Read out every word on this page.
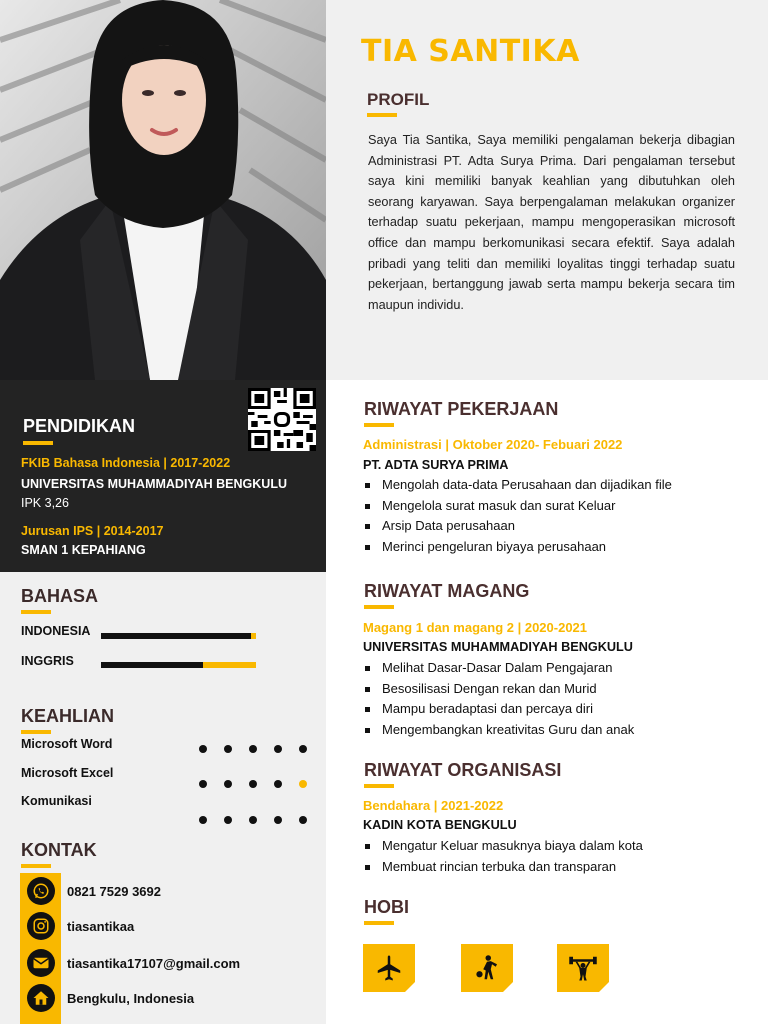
PENDIDIKAN
FKIB Bahasa Indonesia | 2017-2022
UNIVERSITAS MUHAMMADIYAH BENGKULU
IPK 3,26
Jurusan IPS | 2014-2017
SMAN 1 KEPAHIANG
BAHASA
INDONESIA
INGGRIS
KEAHLIAN
Microsoft Word
Microsoft Excel
Komunikasi
KONTAK
0821 7529 3692
tiasantikaa
tiasantika17107@gmail.com
Bengkulu, Indonesia
TIA SANTIKA
PROFIL
Saya Tia Santika, Saya memiliki pengalaman bekerja dibagian Administrasi PT. Adta Surya Prima. Dari pengalaman tersebut saya kini memiliki banyak keahlian yang dibutuhkan oleh seorang karyawan. Saya berpengalaman melakukan organizer terhadap suatu pekerjaan, mampu mengoperasikan microsoft office dan mampu berkomunikasi secara efektif. Saya adalah pribadi yang teliti dan memiliki loyalitas tinggi terhadap suatu pekerjaan, bertanggung jawab serta mampu bekerja secara tim maupun individu.
RIWAYAT PEKERJAAN
Administrasi | Oktober 2020- Febuari 2022
PT. ADTA SURYA PRIMA
Mengolah data-data Perusahaan dan dijadikan file
Mengelola surat masuk dan surat Keluar
Arsip Data perusahaan
Merinci pengeluran biyaya perusahaan
RIWAYAT MAGANG
Magang 1 dan magang 2 | 2020-2021
UNIVERSITAS MUHAMMADIYAH BENGKULU
Melihat Dasar-Dasar Dalam Pengajaran
Besosilisasi Dengan rekan dan Murid
Mampu beradaptasi dan percaya diri
Mengembangkan kreativitas Guru dan anak
RIWAYAT ORGANISASI
Bendahara | 2021-2022
KADIN KOTA BENGKULU
Mengatur Keluar masuknya biaya dalam kota
Membuat rincian terbuka dan transparan
HOBI
